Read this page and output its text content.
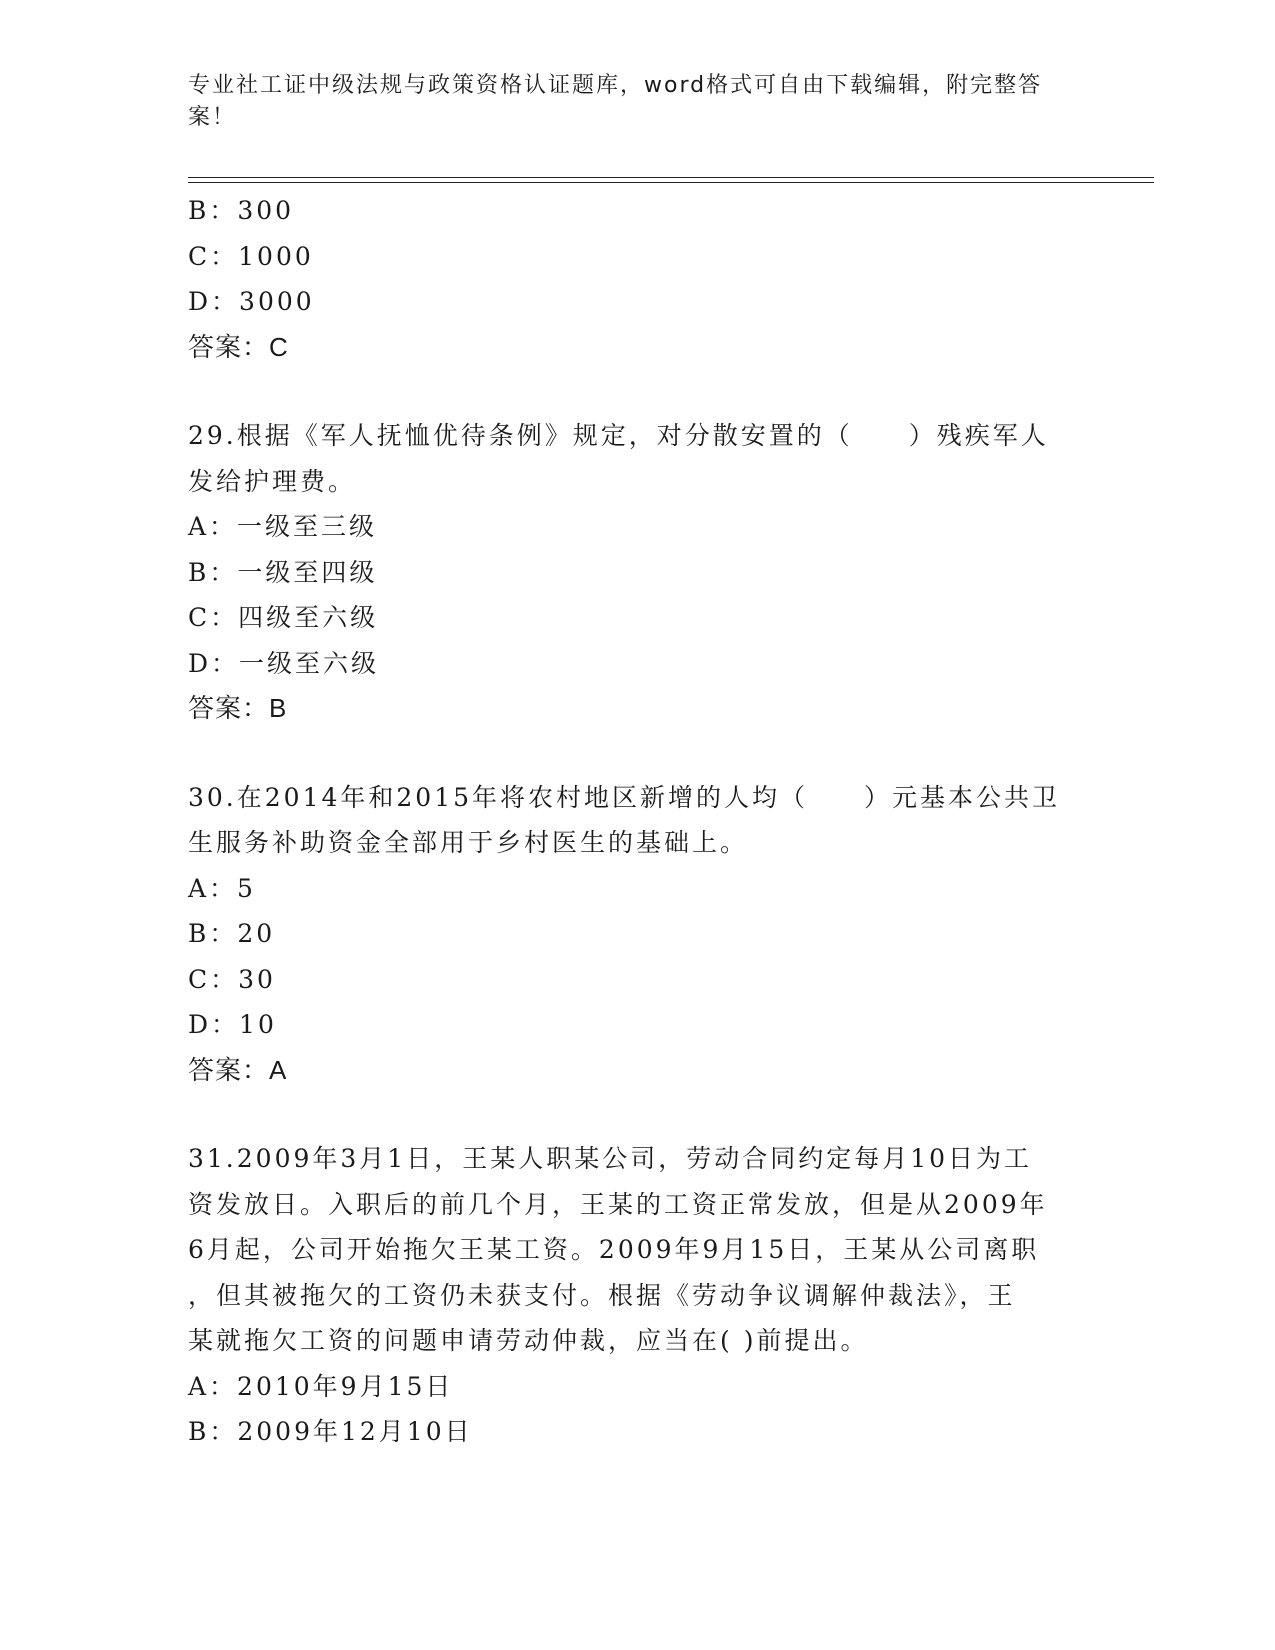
专业社工证中级法规与政策资格认证题库，word格式可自由下载编辑，附完整答
案！
B：300
C：1000
D：3000
答案：C
29.根据《军人抚恤优待条例》规定，对分散安置的（　　）残疾军人
发给护理费。
A：一级至三级
B：一级至四级
C：四级至六级
D：一级至六级
答案：B
30.在2014年和2015年将农村地区新增的人均（　　）元基本公共卫
生服务补助资金全部用于乡村医生的基础上。
A：5
B：20
C：30
D：10
答案：A
31.2009年3月1日，王某人职某公司，劳动合同约定每月10日为工
资发放日。入职后的前几个月，王某的工资正常发放，但是从2009年
6月起，公司开始拖欠王某工资。2009年9月15日，王某从公司离职
，但其被拖欠的工资仍未获支付。根据《劳动争议调解仲裁法》，王
某就拖欠工资的问题申请劳动仲裁，应当在( )前提出。
A：2010年9月15日
B：2009年12月10日
